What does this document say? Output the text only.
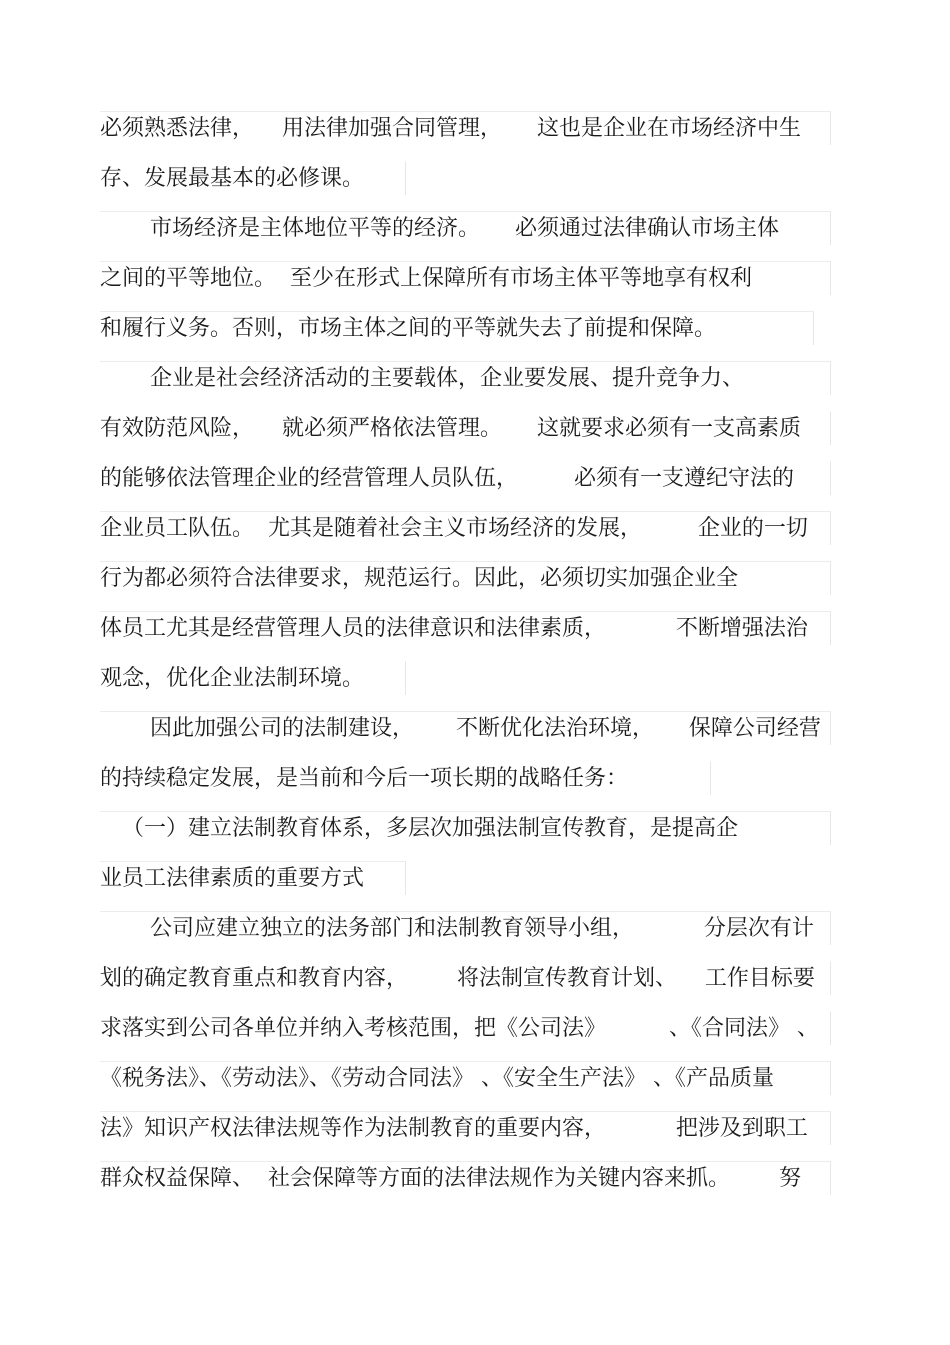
必须熟悉法律，    用法律加强合同管理，     这也是企业在市场经济中生
存、发展最基本的必修课。
市场经济是主体地位平等的经济。     必须通过法律确认市场主体
之间的平等地位。  至少在形式上保障所有市场主体平等地享有权利
和履行义务。否则，市场主体之间的平等就失去了前提和保障。
企业是社会经济活动的主要载体，企业要发展、提升竞争力、
有效防范风险，    就必须严格依法管理。     这就要求必须有一支高素质
的能够依法管理企业的经营管理人员队伍，        必须有一支遵纪守法的
企业员工队伍。  尤其是随着社会主义市场经济的发展，        企业的一切
行为都必须符合法律要求，规范运行。因此，必须切实加强企业全
体员工尤其是经营管理人员的法律意识和法律素质，          不断增强法治
观念，优化企业法制环境。
因此加强公司的法制建设，      不断优化法治环境，     保障公司经营
的持续稳定发展，是当前和今后一项长期的战略任务：
（一）建立法制教育体系，多层次加强法制宣传教育，是提高企
业员工法律素质的重要方式
公司应建立独立的法务部门和法制教育领导小组，          分层次有计
划的确定教育重点和教育内容，       将法制宣传教育计划、    工作目标要
求落实到公司各单位并纳入考核范围，把《公司法》         、《合同法》 、
《税务法》、《劳动法》、《劳动合同法》 、《安全生产法》 、《产品质量
法》知识产权法律法规等作为法制教育的重要内容，          把涉及到职工
群众权益保障、  社会保障等方面的法律法规作为关键内容来抓。       努
